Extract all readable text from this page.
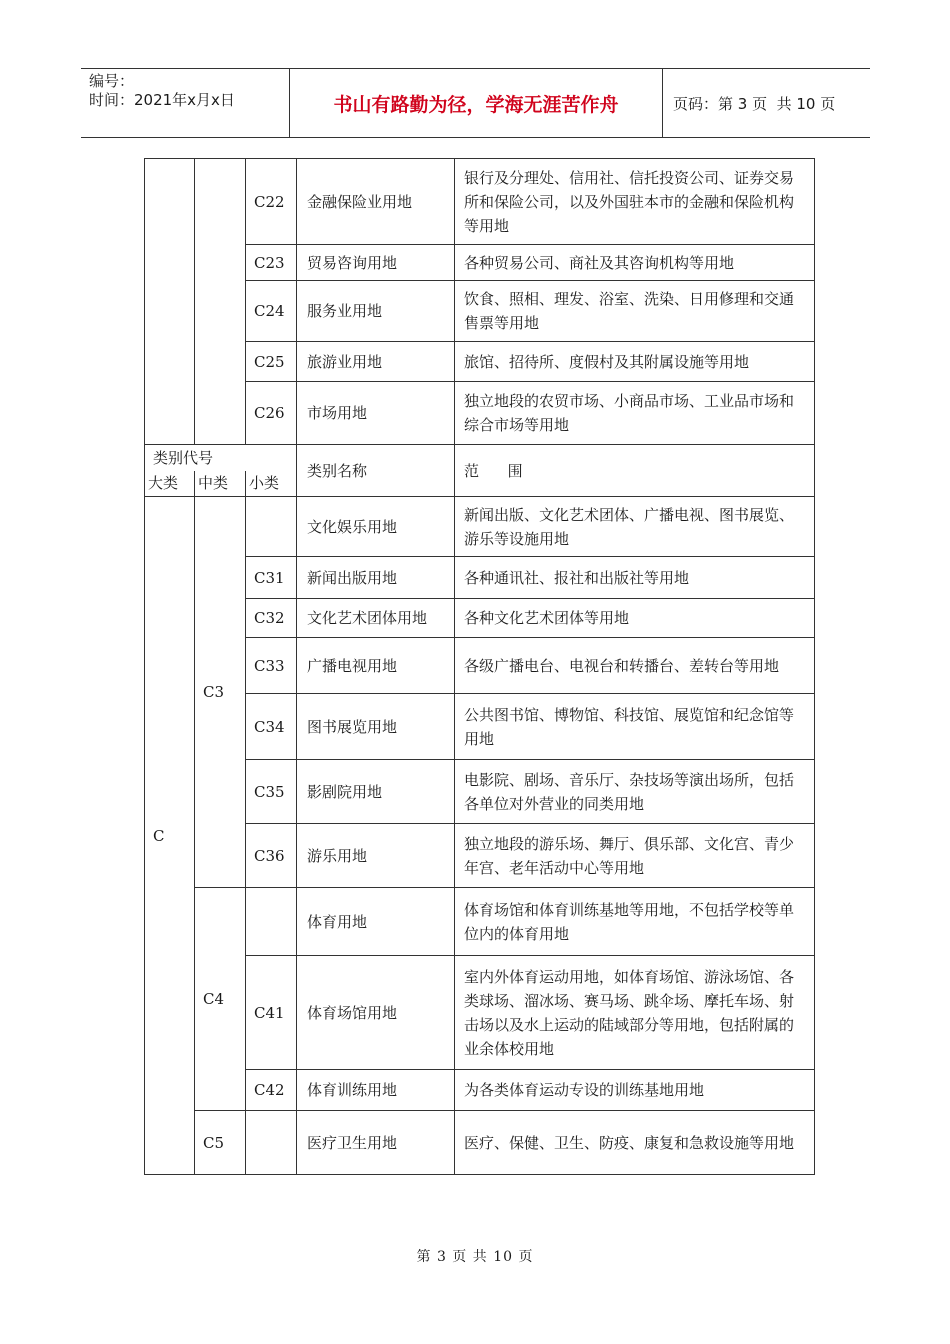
编号：
时间：2021年x月x日	书山有路勤为径，学海无涯苦作舟	页码：第 3 页  共 10 页
		C22	金融保险业用地	银行及分理处、信用社、信托投资公司、证券交易所和保险公司，以及外国驻本市的金融和保险机构等用地
		C23	贸易咨询用地	各种贸易公司、商社及其咨询机构等用地
		C24	服务业用地	饮食、照相、理发、浴室、洗染、日用修理和交通售票等用地
		C25	旅游业用地	旅馆、招待所、度假村及其附属设施等用地
		C26	市场用地	独立地段的农贸市场、小商品市场、工业品市场和综合市场等用地
类别代号			类别名称	范      围
大类	中类	小类		
C	C3		文化娱乐用地	新闻出版、文化艺术团体、广播电视、图书展览、游乐等设施用地
		C31	新闻出版用地	各种通讯社、报社和出版社等用地
		C32	文化艺术团体用地	各种文化艺术团体等用地
		C33	广播电视用地	各级广播电台、电视台和转播台、差转台等用地
		C34	图书展览用地	公共图书馆、博物馆、科技馆、展览馆和纪念馆等用地
		C35	影剧院用地	电影院、剧场、音乐厅、杂技场等演出场所，包括各单位对外营业的同类用地
		C36	游乐用地	独立地段的游乐场、舞厅、俱乐部、文化宫、青少年宫、老年活动中心等用地
	C4		体育用地	体育场馆和体育训练基地等用地，不包括学校等单位内的体育用地
		C41	体育场馆用地	室内外体育运动用地，如体育场馆、游泳场馆、各类球场、溜冰场、赛马场、跳伞场、摩托车场、射击场以及水上运动的陆域部分等用地，包括附属的业余体校用地
		C42	体育训练用地	为各类体育运动专设的训练基地用地
	C5		医疗卫生用地	医疗、保健、卫生、防疫、康复和急救设施等用地
第 3 页 共 10 页
